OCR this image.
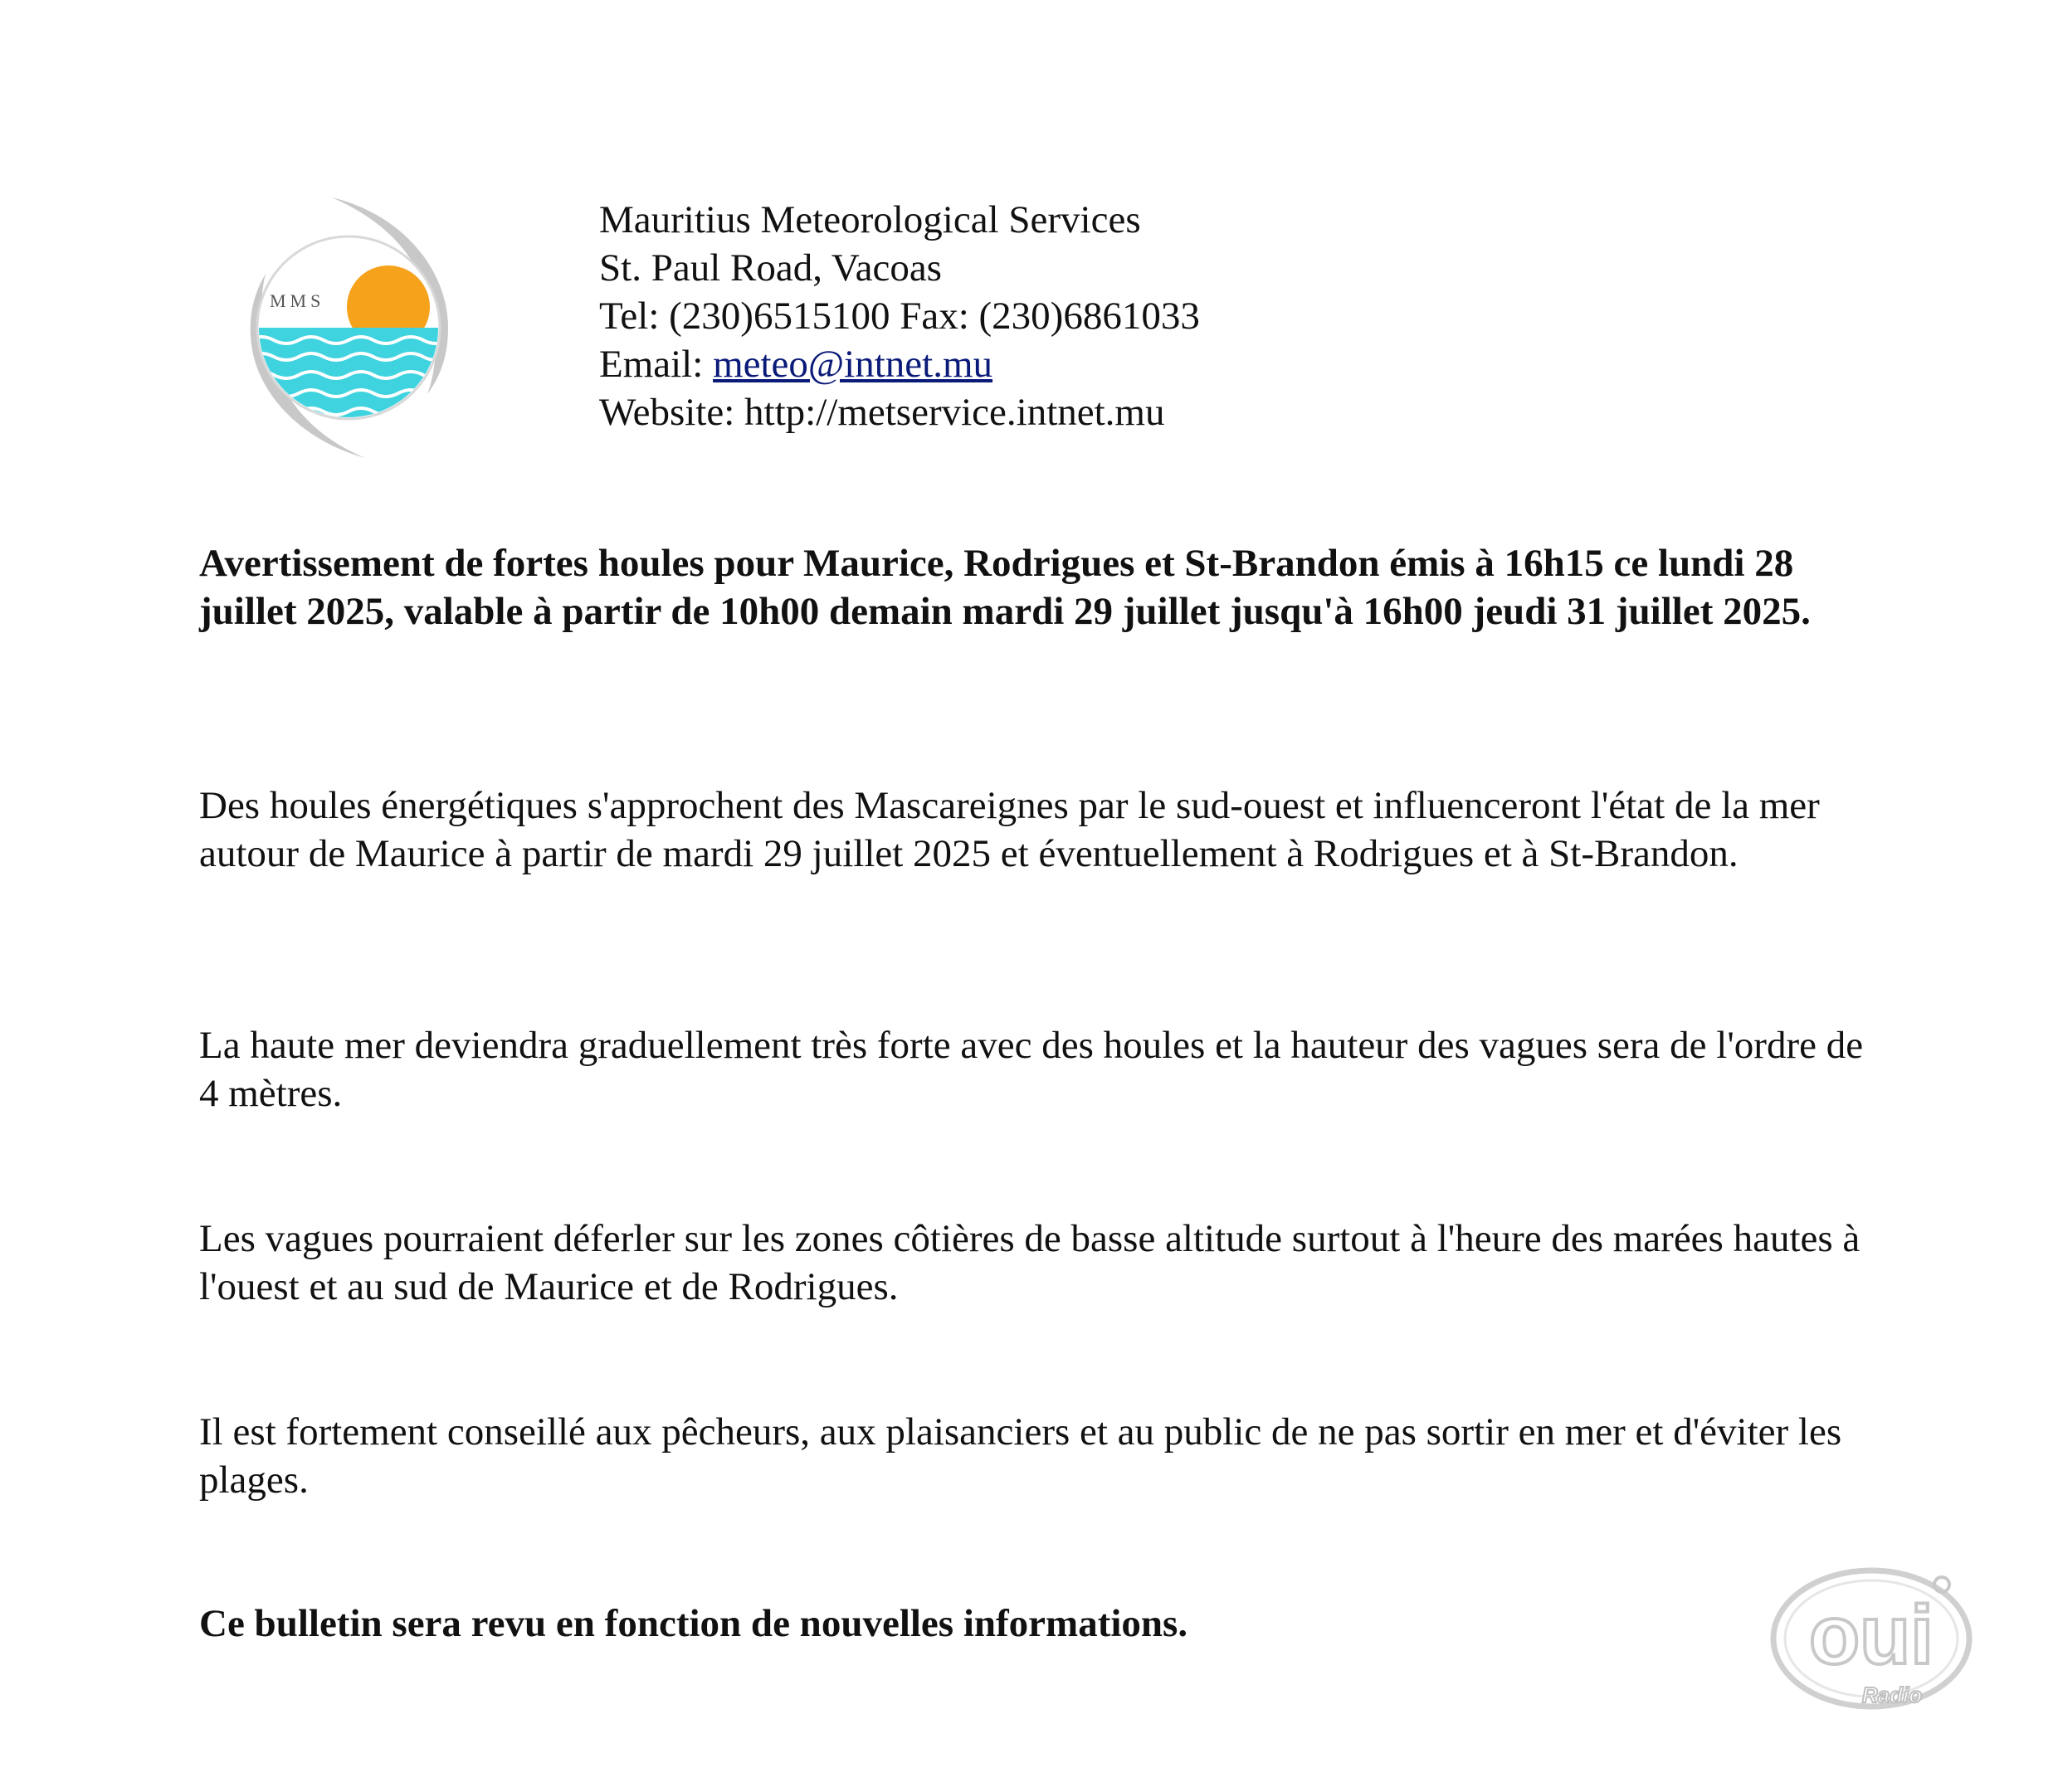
MMS
Mauritius Meteorological Services
St. Paul Road, Vacoas
Tel: (230)6515100 Fax: (230)6861033
Email: meteo@intnet.mu
Website: http://metservice.intnet.mu
Avertissement de fortes houles pour Maurice, Rodrigues et St-Brandon émis à 16h15 ce lundi 28 juillet 2025, valable à partir de 10h00 demain mardi 29 juillet jusqu'à 16h00 jeudi 31 juillet 2025.
Des houles énergétiques s'approchent des Mascareignes par le sud-ouest et influenceront l'état de la mer autour de Maurice à partir de mardi 29 juillet 2025 et éventuellement à Rodrigues et à St-Brandon.
La haute mer deviendra graduellement très forte avec des houles et la hauteur des vagues sera de l'ordre de 4 mètres.
Les vagues pourraient déferler sur les zones côtières de basse altitude surtout à l'heure des marées hautes à l'ouest et au sud de Maurice et de Rodrigues.
Il est fortement conseillé aux pêcheurs, aux plaisanciers et au public de ne pas sortir en mer et d'éviter les plages.
Ce bulletin sera revu en fonction de nouvelles informations.	oui
Radio
